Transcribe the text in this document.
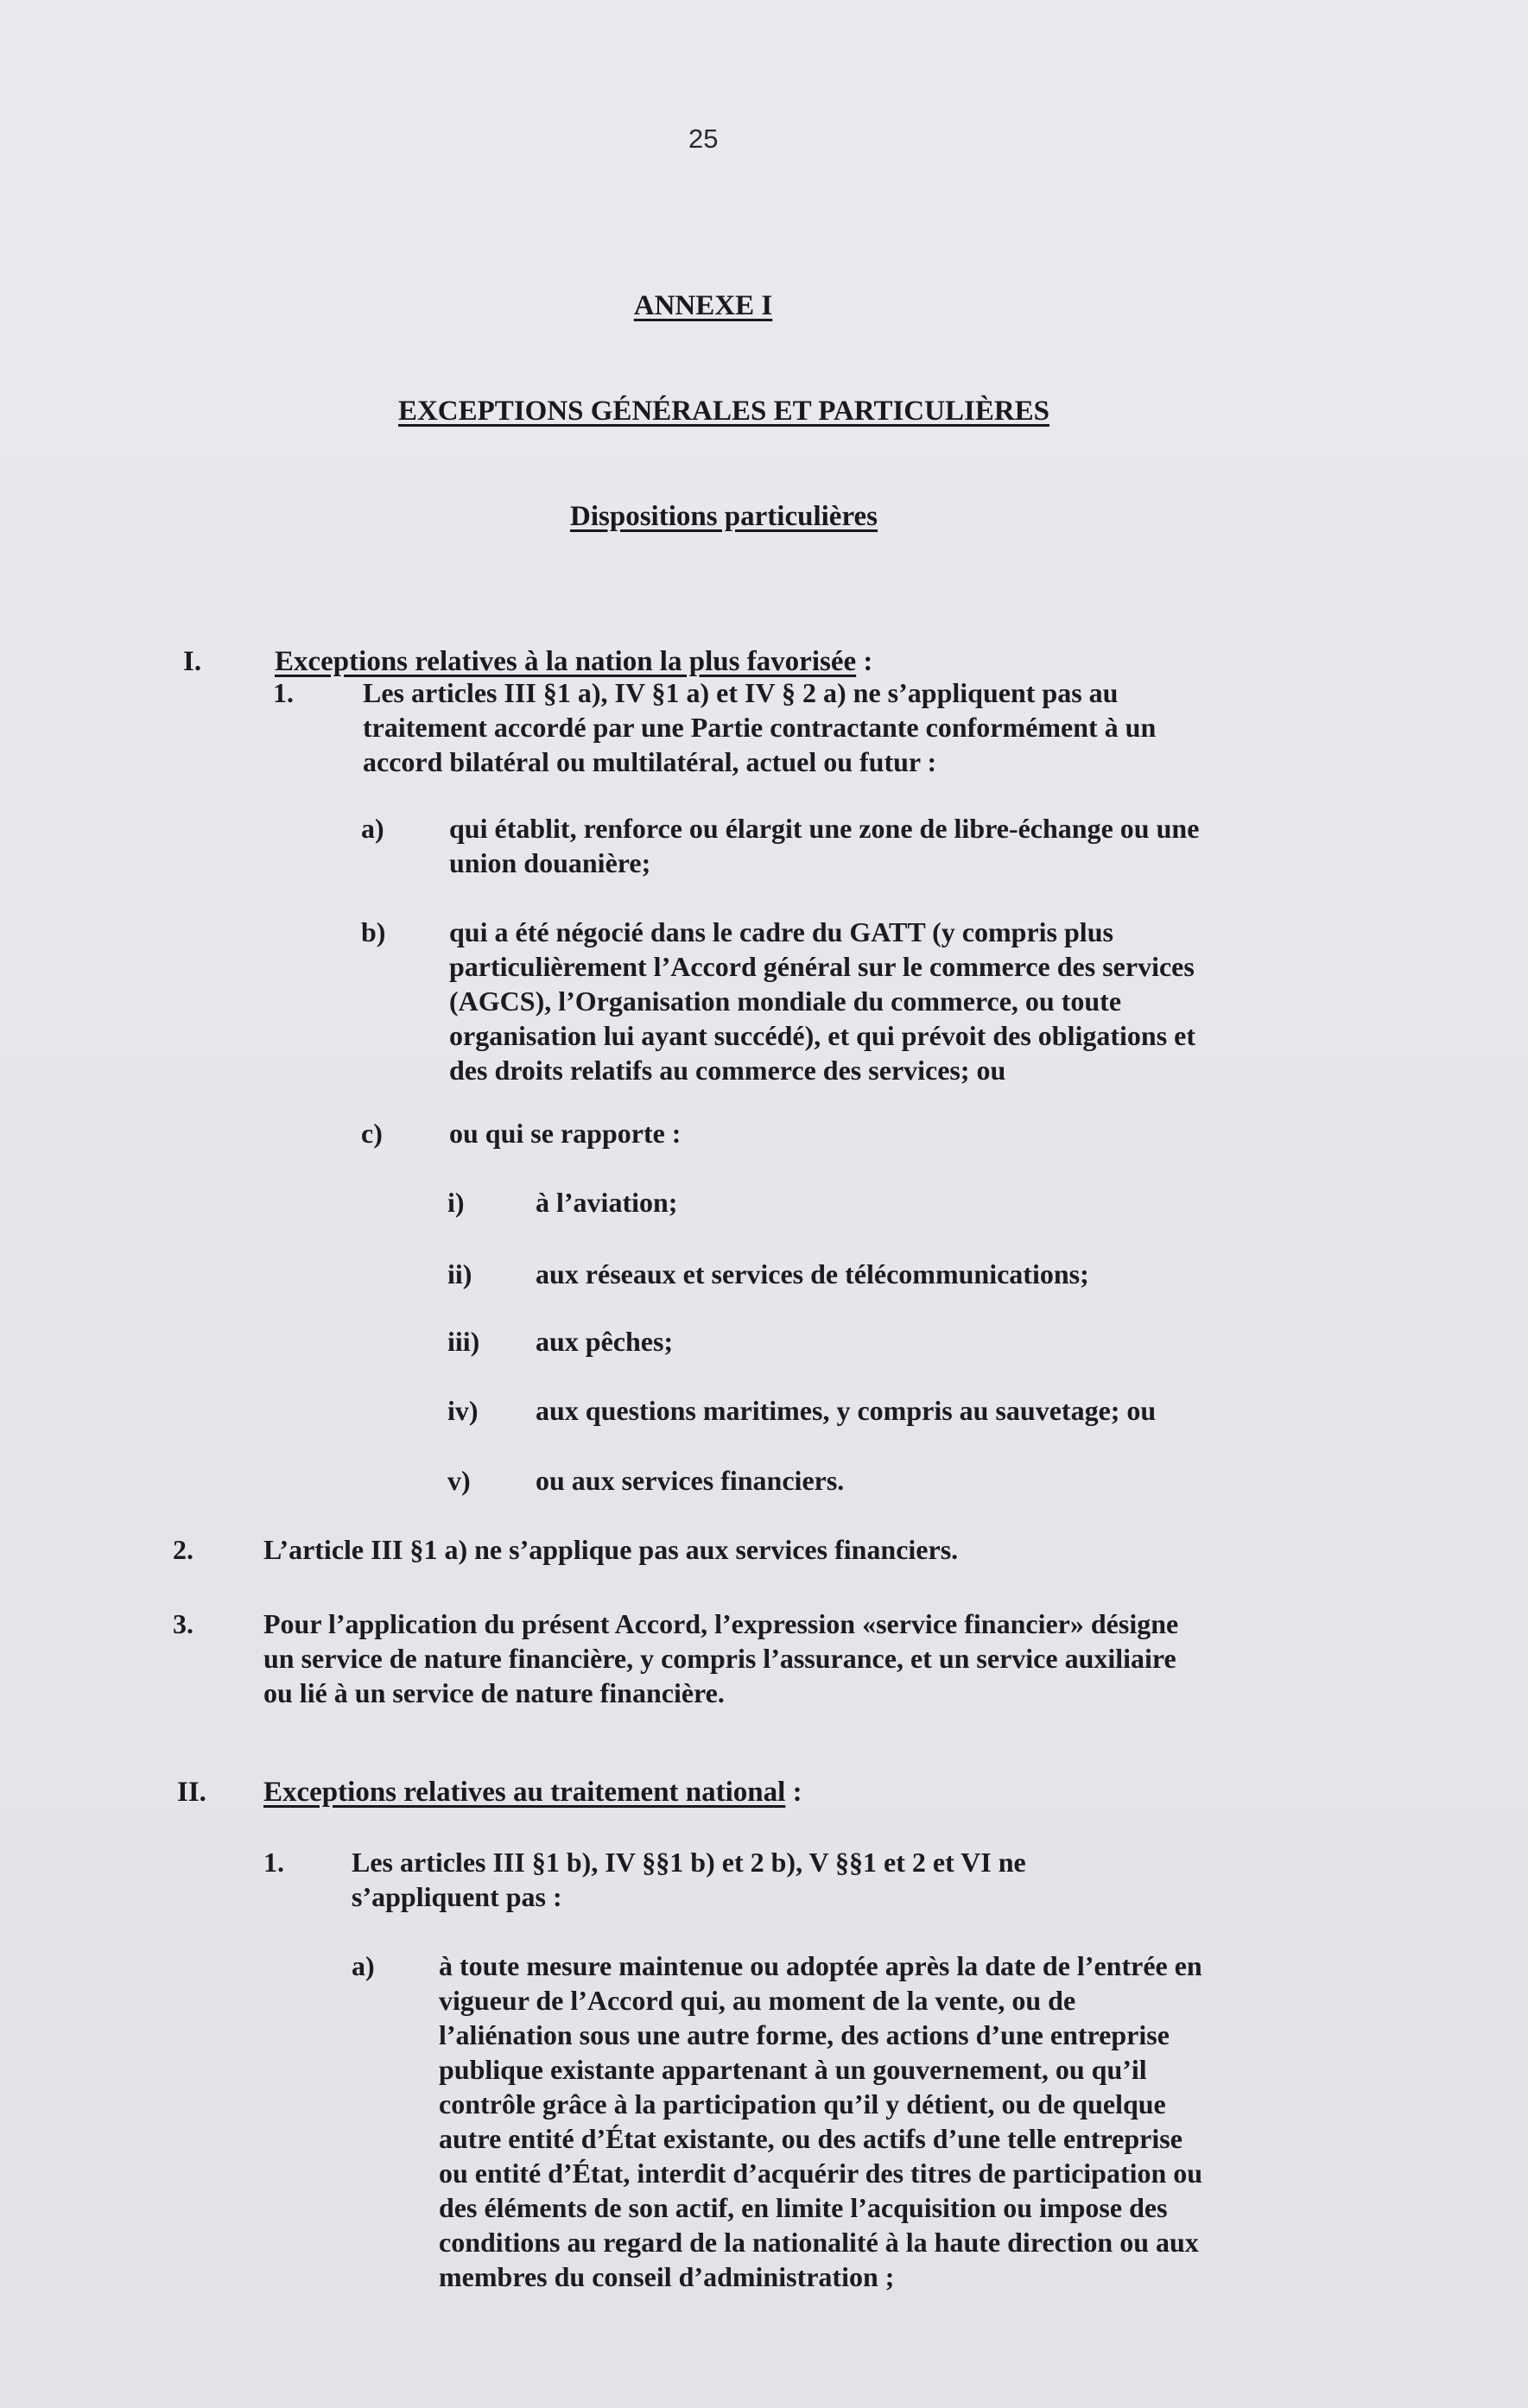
25
ANNEXE I
EXCEPTIONS GÉNÉRALES ET PARTICULIÈRES
Dispositions particulières
I.	Exceptions relatives à la nation la plus favorisée :
1.	Les articles III §1 a), IV §1 a) et IV § 2 a) ne s’appliquent pas au
traitement accordé par une Partie contractante conformément à un
accord bilatéral ou multilatéral, actuel ou futur :
a) qui établit, renforce ou élargit une zone de libre-échange ou une
union douanière;
b) qui a été négocié dans le cadre du GATT (y compris plus
particulièrement l’Accord général sur le commerce des services
(AGCS), l’Organisation mondiale du commerce, ou toute
organisation lui ayant succédé), et qui prévoit des obligations et
des droits relatifs au commerce des services; ou
c) ou qui se rapporte :
i)	à l’aviation;
ii) aux réseaux et services de télécommunications;
iii) aux pêches;
iv) aux questions maritimes, y compris au sauvetage; ou
v) ou aux services financiers.
2.	L’article III §1 a) ne s’applique pas aux services financiers.
3.	Pour l’application du présent Accord, l’expression «service financier» désigne
un service de nature financière, y compris l’assurance, et un service auxiliaire
ou lié à un service de nature financière.
II. Exceptions relatives au traitement national :
1. Les articles III §1 b), IV §§1 b) et 2 b), V §§1 et 2 et VI ne
s’appliquent pas :
a) à toute mesure maintenue ou adoptée après la date de l’entrée en
vigueur de l’Accord qui, au moment de la vente, ou de
l’aliénation sous une autre forme, des actions d’une entreprise
publique existante appartenant à un gouvernement, ou qu’il
contrôle grâce à la participation qu’il y détient, ou de quelque
autre entité d’État existante, ou des actifs d’une telle entreprise
ou entité d’État, interdit d’acquérir des titres de participation ou
des éléments de son actif, en limite l’acquisition ou impose des
conditions au regard de la nationalité à la haute direction ou aux
membres du conseil d’administration ;
